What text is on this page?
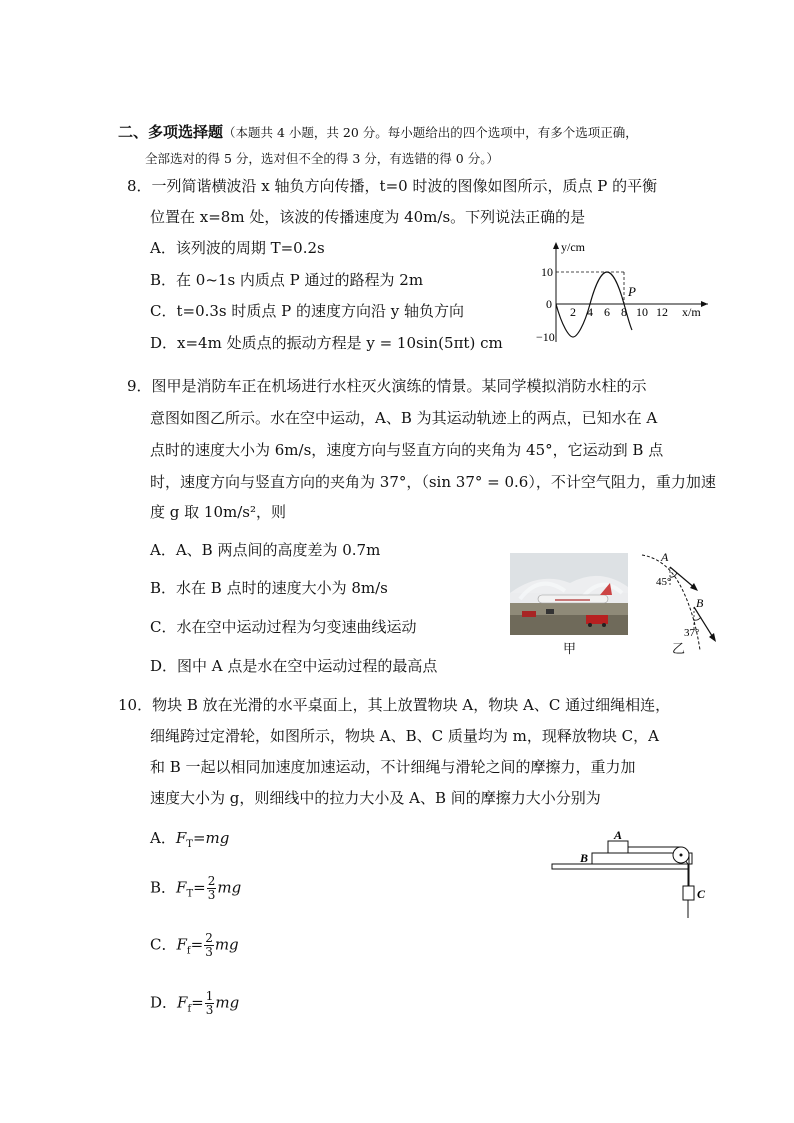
二、多项选择题（本题共 4 小题，共 20 分。每小题给出的四个选项中，有多个选项正确，
全部选对的得 5 分，选对但不全的得 3 分，有选错的得 0 分。）
8．一列简谐横波沿 x 轴负方向传播，t=0 时波的图像如图所示，质点 P 的平衡
位置在 x=8m 处，该波的传播速度为 40m/s。下列说法正确的是
A．该列波的周期 T=0.2s
B．在 0~1s 内质点 P 通过的路程为 2m
C．t=0.3s 时质点 P 的速度方向沿 y 轴负方向
D．x=4m 处质点的振动方程是 y = 10sin(5πt) cm
y/cm
x/m
0
10
−10
2 4 6 8 10 12
P
9．图甲是消防车正在机场进行水柱灭火演练的情景。某同学模拟消防水柱的示
意图如图乙所示。水在空中运动，A、B 为其运动轨迹上的两点，已知水在 A
点时的速度大小为 6m/s，速度方向与竖直方向的夹角为 45°，它运动到 B 点
时，速度方向与竖直方向的夹角为 37°，（sin 37° = 0.6），不计空气阻力，重力加速
度 g 取 10m/s²，则
A．A、B 两点间的高度差为 0.7m
B．水在 B 点时的速度大小为 8m/s
C．水在空中运动过程为匀变速曲线运动
D．图中 A 点是水在空中运动过程的最高点
甲
A
45°
B
37°
乙
10．物块 B 放在光滑的水平桌面上，其上放置物块 A，物块 A、C 通过细绳相连，
细绳跨过定滑轮，如图所示，物块 A、B、C 质量均为 m，现释放物块 C，A
和 B 一起以相同加速度加速运动，不计细绳与滑轮之间的摩擦力，重力加
速度大小为 g，则细线中的拉力大小及 A、B 间的摩擦力大小分别为
A．$F_T=mg$
B．$F_T= \frac{2}{3}$ mg
C．$F_f= \frac{2}{3}$ mg
D．$F_f= \frac{1}{3}$ mg
A
B
C
